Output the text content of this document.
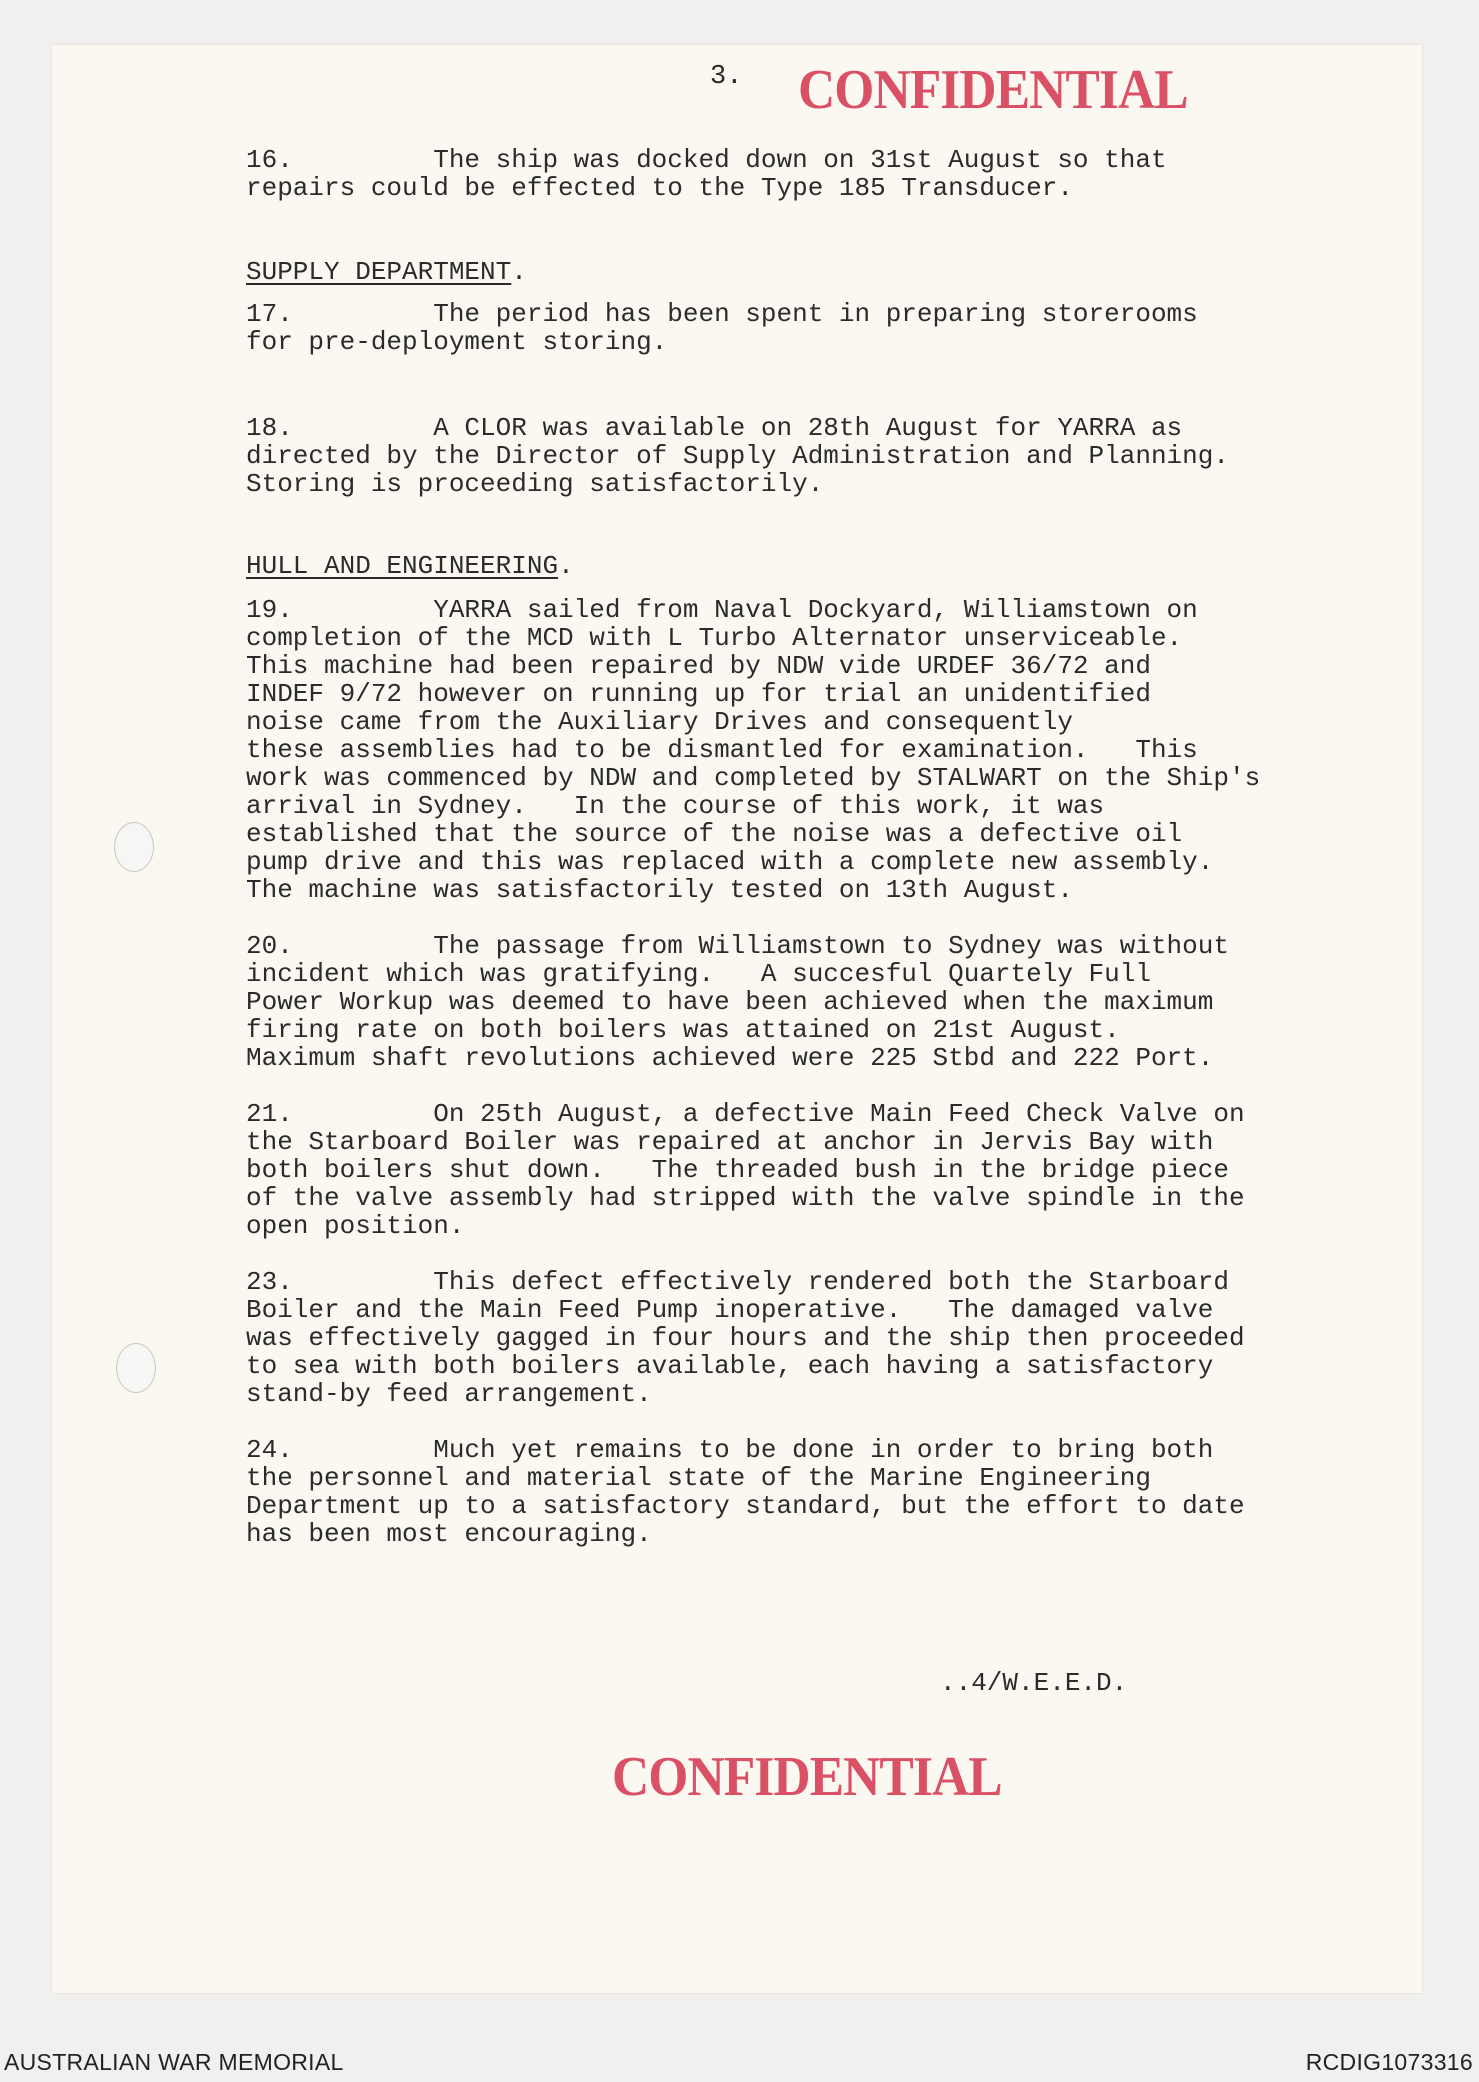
3. CONFIDENTIAL

16.         The ship was docked down on 31st August so that
repairs could be effected to the Type 185 Transducer.

SUPPLY DEPARTMENT.

17.         The period has been spent in preparing storerooms
for pre-deployment storing.

18.         A CLOR was available on 28th August for YARRA as
directed by the Director of Supply Administration and Planning.
Storing is proceeding satisfactorily.

HULL AND ENGINEERING.

19.         YARRA sailed from Naval Dockyard, Williamstown on
completion of the MCD with L Turbo Alternator unserviceable.
This machine had been repaired by NDW vide URDEF 36/72 and
INDEF 9/72 however on running up for trial an unidentified
noise came from the Auxiliary Drives and consequently
these assemblies had to be dismantled for examination.   This
work was commenced by NDW and completed by STALWART on the Ship's
arrival in Sydney.   In the course of this work, it was
established that the source of the noise was a defective oil
pump drive and this was replaced with a complete new assembly.
The machine was satisfactorily tested on 13th August.

20.         The passage from Williamstown to Sydney was without
incident which was gratifying.   A succesful Quartely Full
Power Workup was deemed to have been achieved when the maximum
firing rate on both boilers was attained on 21st August.
Maximum shaft revolutions achieved were 225 Stbd and 222 Port.

21.         On 25th August, a defective Main Feed Check Valve on
the Starboard Boiler was repaired at anchor in Jervis Bay with
both boilers shut down.   The threaded bush in the bridge piece
of the valve assembly had stripped with the valve spindle in the
open position.

23.         This defect effectively rendered both the Starboard
Boiler and the Main Feed Pump inoperative.   The damaged valve
was effectively gagged in four hours and the ship then proceeded
to sea with both boilers available, each having a satisfactory
stand-by feed arrangement.

24.         Much yet remains to be done in order to bring both
the personnel and material state of the Marine Engineering
Department up to a satisfactory standard, but the effort to date
has been most encouraging.

..4/W.E.E.D.
CONFIDENTIAL
AUSTRALIAN WAR MEMORIAL	RCDIG1073316
